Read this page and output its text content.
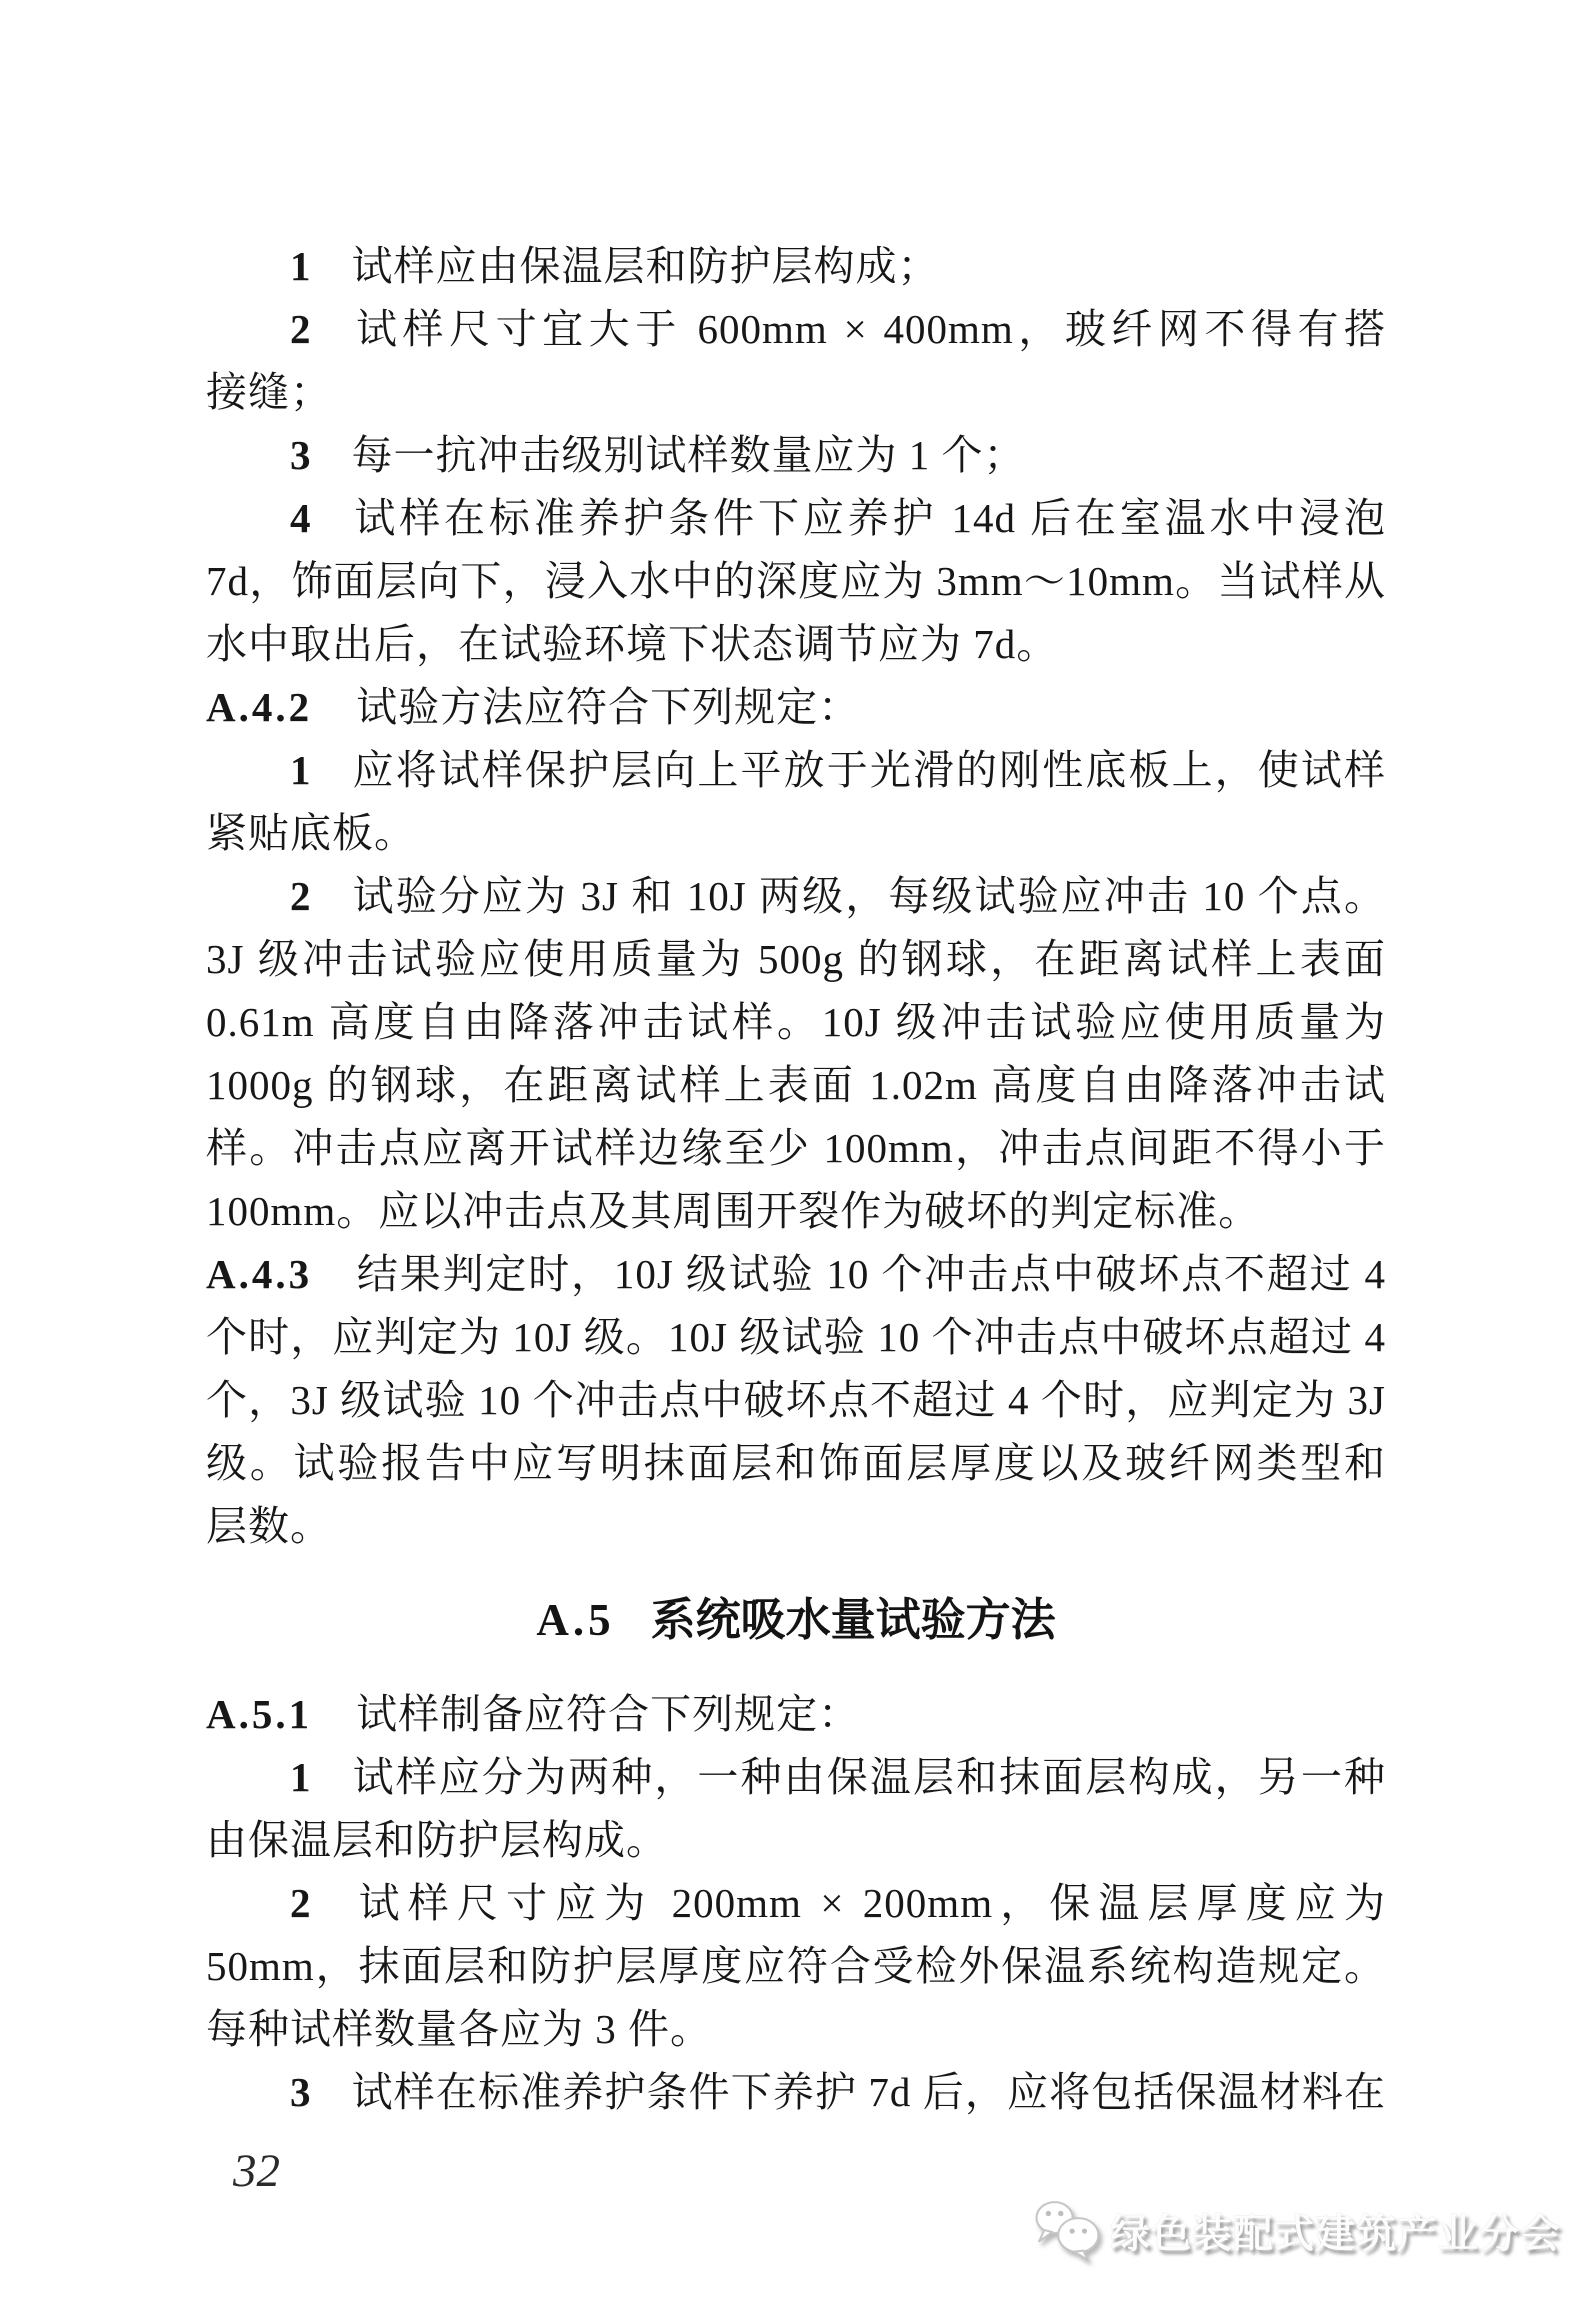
1 试样应由保温层和防护层构成；
2 试样尺寸宜大于 600mm × 400mm，玻纤网不得有搭
接缝；
3 每一抗冲击级别试样数量应为 1 个；
4 试样在标准养护条件下应养护 14d 后在室温水中浸泡
7d，饰面层向下，浸入水中的深度应为 3mm～10mm。当试样从
水中取出后，在试验环境下状态调节应为 7d。
A.4.2 试验方法应符合下列规定：
1 应将试样保护层向上平放于光滑的刚性底板上，使试样
紧贴底板。
2 试验分应为 3J 和 10J 两级，每级试验应冲击 10 个点。
3J 级冲击试验应使用质量为 500g 的钢球，在距离试样上表面
0.61m 高度自由降落冲击试样。10J 级冲击试验应使用质量为
1000g 的钢球，在距离试样上表面 1.02m 高度自由降落冲击试
样。冲击点应离开试样边缘至少 100mm，冲击点间距不得小于
100mm。应以冲击点及其周围开裂作为破坏的判定标准。
A.4.3 结果判定时，10J 级试验 10 个冲击点中破坏点不超过 4
个时，应判定为 10J 级。10J 级试验 10 个冲击点中破坏点超过 4
个，3J 级试验 10 个冲击点中破坏点不超过 4 个时，应判定为 3J
级。试验报告中应写明抹面层和饰面层厚度以及玻纤网类型和
层数。
A.5 系统吸水量试验方法
A.5.1 试样制备应符合下列规定：
1 试样应分为两种，一种由保温层和抹面层构成，另一种
由保温层和防护层构成。
2 试样尺寸应为 200mm × 200mm，保温层厚度应为
50mm，抹面层和防护层厚度应符合受检外保温系统构造规定。
每种试样数量各应为 3 件。
3 试样在标准养护条件下养护 7d 后，应将包括保温材料在
32
绿色装配式建筑产业分会
